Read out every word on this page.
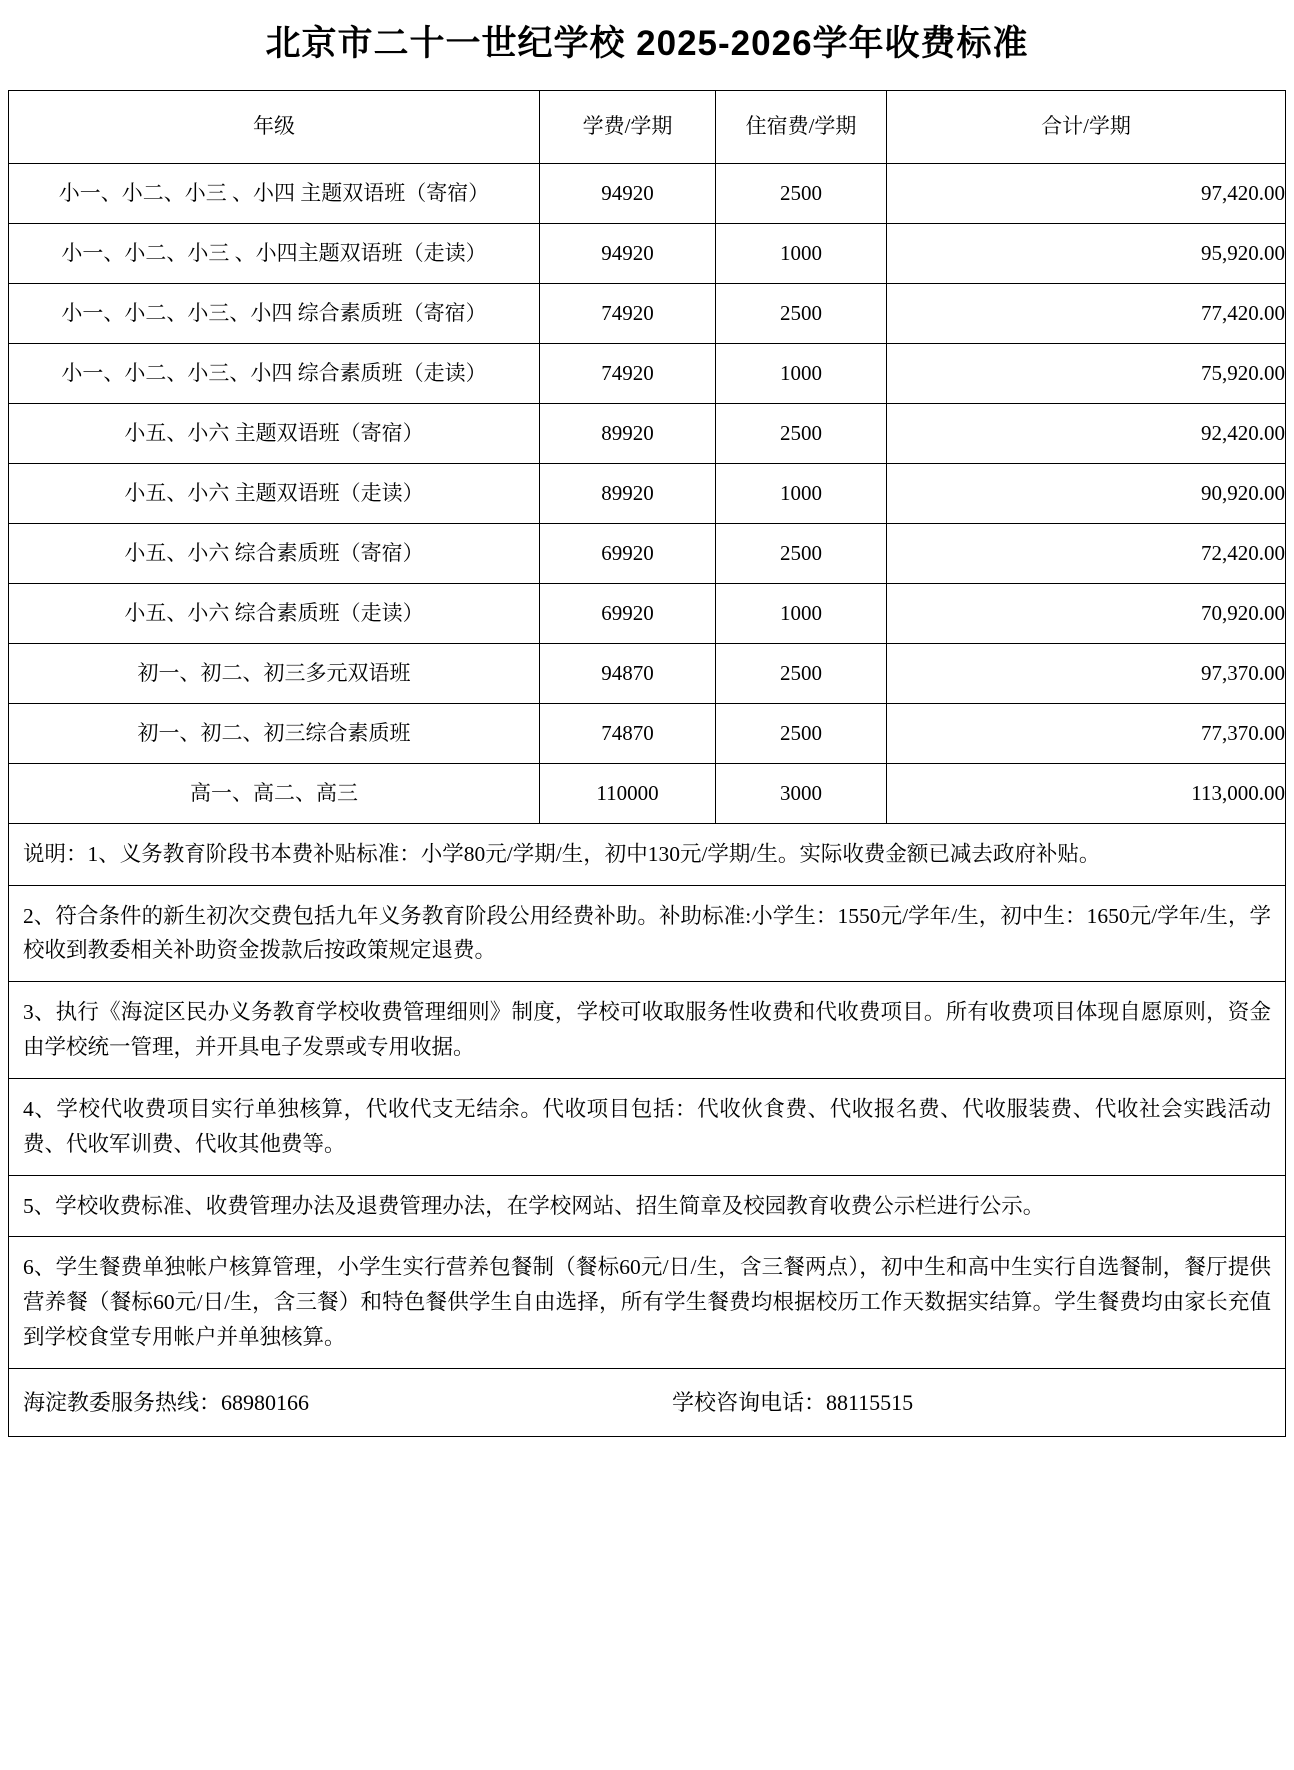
北京市二十一世纪学校 2025-2026学年收费标准
年级	学费/学期	住宿费/学期	合计/学期
小一、小二、小三 、小四 主题双语班（寄宿）	94920	2500	97,420.00
小一、小二、小三 、小四主题双语班（走读）	94920	1000	95,920.00
小一、小二、小三、小四 综合素质班（寄宿）	74920	2500	77,420.00
小一、小二、小三、小四 综合素质班（走读）	74920	1000	75,920.00
小五、小六 主题双语班（寄宿）	89920	2500	92,420.00
小五、小六 主题双语班（走读）	89920	1000	90,920.00
小五、小六 综合素质班（寄宿）	69920	2500	72,420.00
小五、小六 综合素质班（走读）	69920	1000	70,920.00
初一、初二、初三多元双语班	94870	2500	97,370.00
初一、初二、初三综合素质班	74870	2500	77,370.00
高一、高二、高三	110000	3000	113,000.00
说明：1、义务教育阶段书本费补贴标准：小学80元/学期/生，初中130元/学期/生。实际收费金额已减去政府补贴。
2、符合条件的新生初次交费包括九年义务教育阶段公用经费补助。补助标准:小学生：1550元/学年/生，初中生：1650元/学年/生，学校收到教委相关补助资金拨款后按政策规定退费。
3、执行《海淀区民办义务教育学校收费管理细则》制度，学校可收取服务性收费和代收费项目。所有收费项目体现自愿原则，资金由学校统一管理，并开具电子发票或专用收据。
4、学校代收费项目实行单独核算，代收代支无结余。代收项目包括：代收伙食费、代收报名费、代收服装费、代收社会实践活动费、代收军训费、代收其他费等。
5、学校收费标准、收费管理办法及退费管理办法，在学校网站、招生简章及校园教育收费公示栏进行公示。
6、学生餐费单独帐户核算管理，小学生实行营养包餐制（餐标60元/日/生，含三餐两点），初中生和高中生实行自选餐制，餐厅提供营养餐（餐标60元/日/生，含三餐）和特色餐供学生自由选择，所有学生餐费均根据校历工作天数据实结算。学生餐费均由家长充值到学校食堂专用帐户并单独核算。

海淀教委服务热线：68980166	学校咨询电话：88115515
